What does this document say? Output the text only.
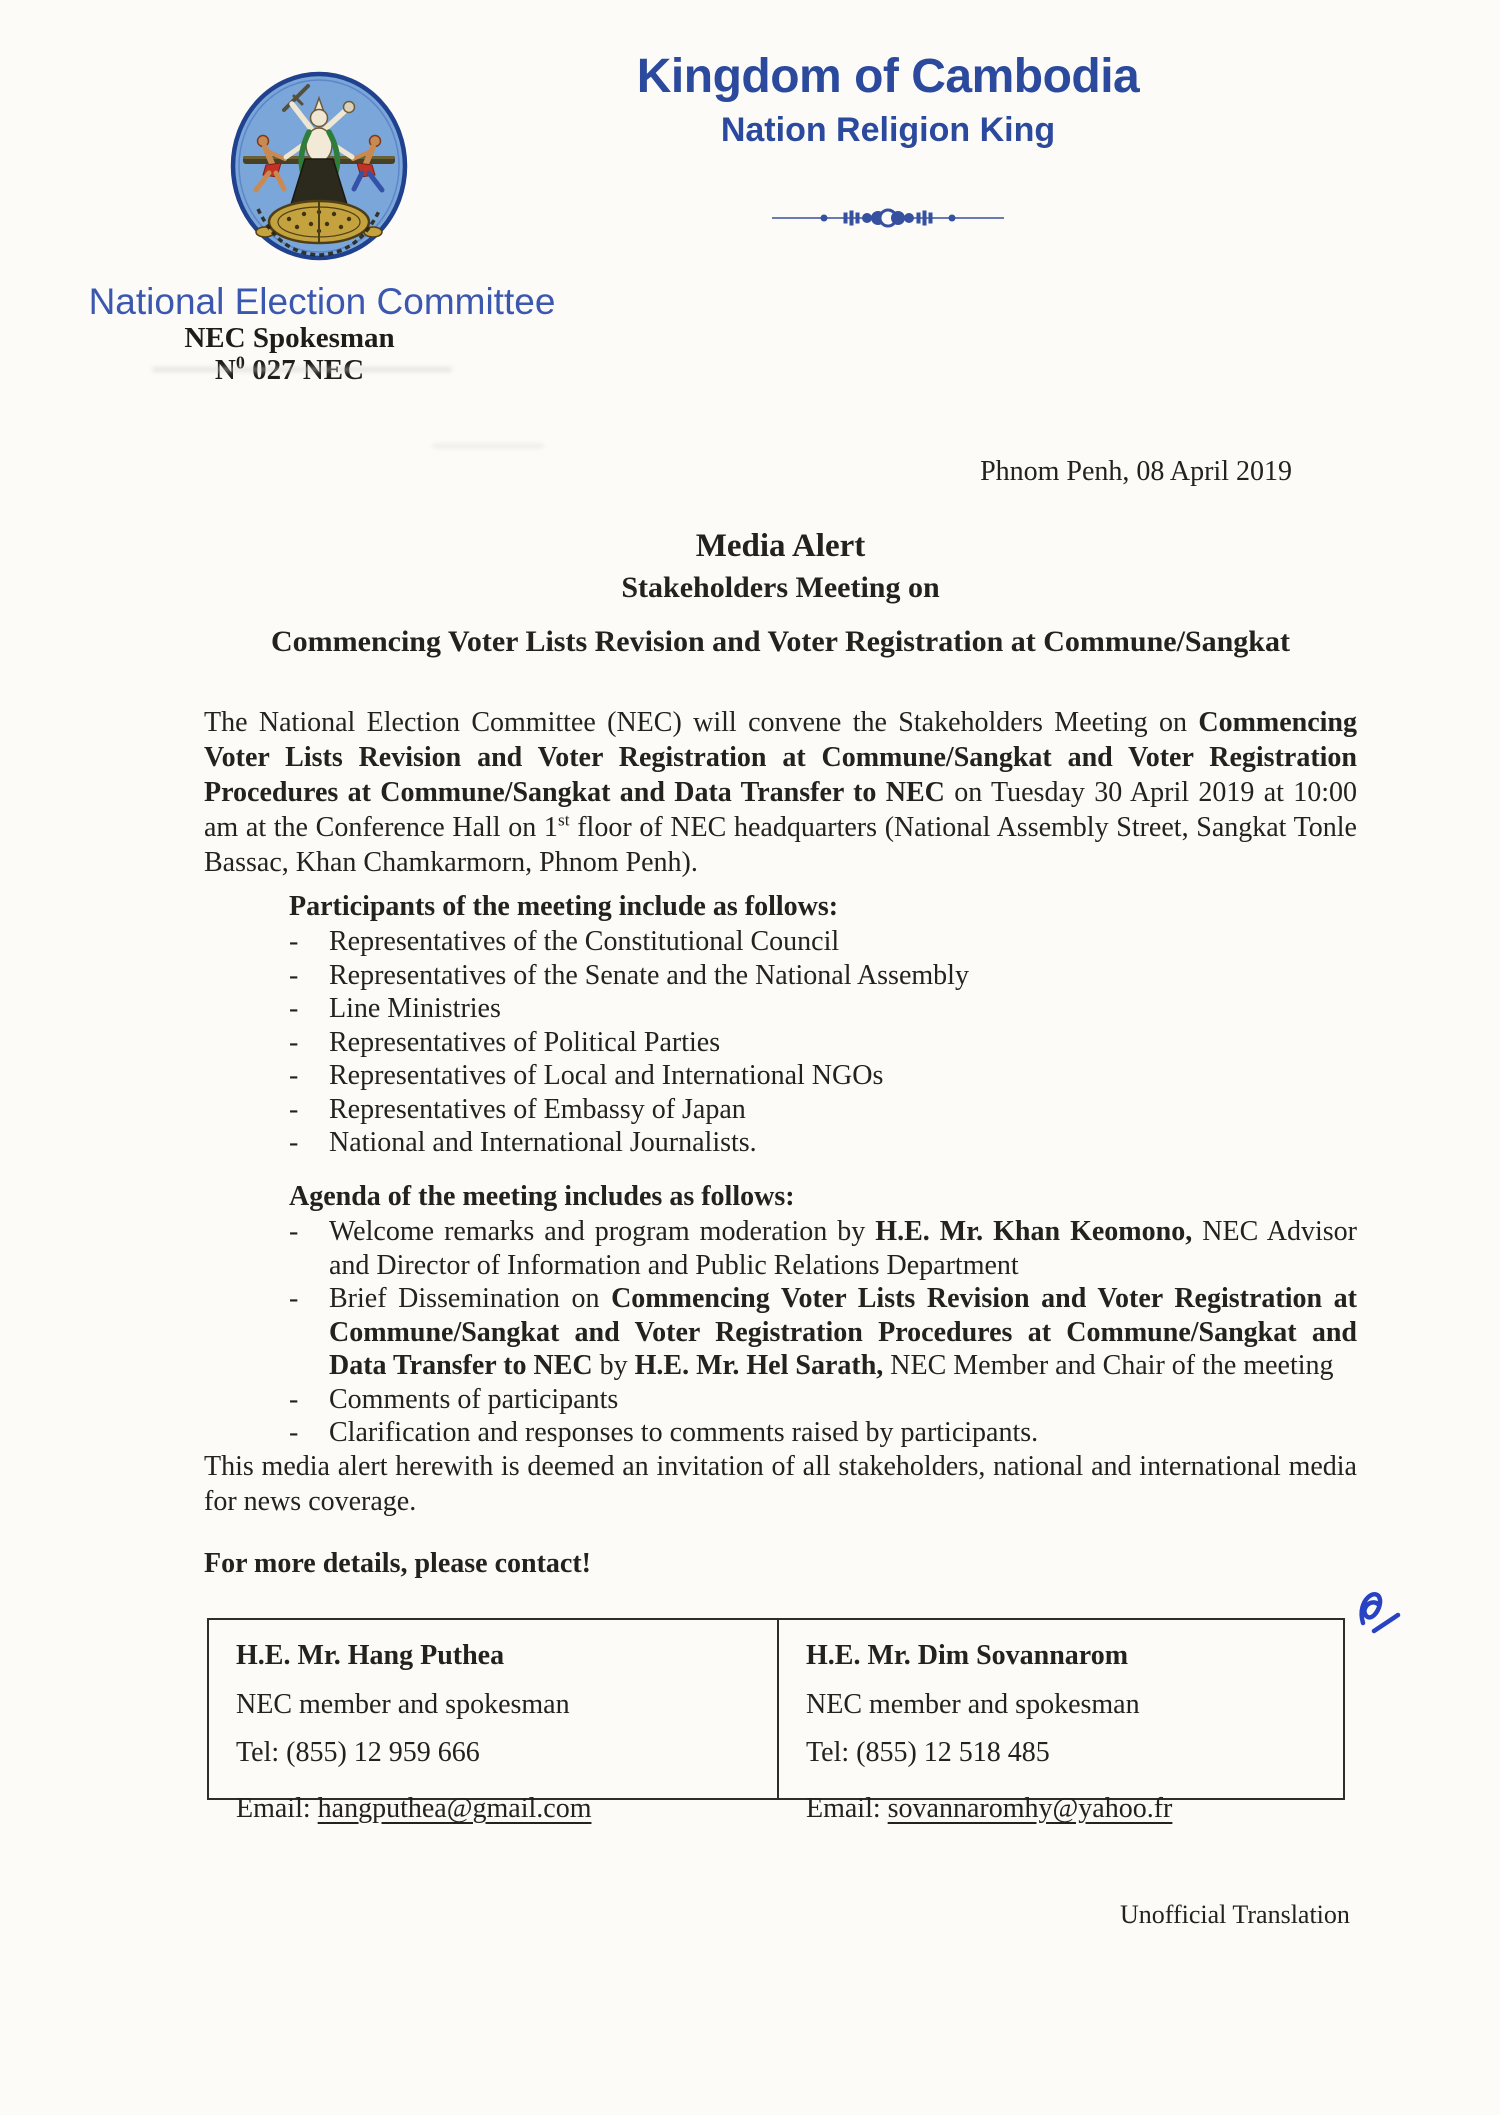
Kingdom of Cambodia
Nation Religion King
National Election Committee
NEC Spokesman
$N^0$ 027 NEC
Phnom Penh, 08 April 2019
Media Alert
Stakeholders Meeting on
Commencing Voter Lists Revision and Voter Registration at Commune/Sangkat
The National Election Committee (NEC) will convene the Stakeholders Meeting on Commencing Voter Lists Revision and Voter Registration at Commune/Sangkat and Voter Registration Procedures at Commune/Sangkat and Data Transfer to NEC on Tuesday 30 April 2019 at 10:00 am at the Conference Hall on 1st floor of NEC headquarters (National Assembly Street, Sangkat Tonle Bassac, Khan Chamkarmorn, Phnom Penh).
Participants of the meeting include as follows:
-	Representatives of the Constitutional Council
-	Representatives of the Senate and the National Assembly
-	Line Ministries
-	Representatives of Political Parties
-	Representatives of Local and International NGOs
-	Representatives of Embassy of Japan
-	National and International Journalists.
Agenda of the meeting includes as follows:
-	Welcome remarks and program moderation by H.E. Mr. Khan Keomono, NEC Advisor and Director of Information and Public Relations Department
-	Brief Dissemination on Commencing Voter Lists Revision and Voter Registration at Commune/Sangkat and Voter Registration Procedures at Commune/Sangkat and Data Transfer to NEC by H.E. Mr. Hel Sarath, NEC Member and Chair of the meeting
-	Comments of participants
-	Clarification and responses to comments raised by participants.
This media alert herewith is deemed an invitation of all stakeholders, national and international media for news coverage.
For more details, please contact!
H.E. Mr. Hang Puthea
NEC member and spokesman
Tel: (855) 12 959 666
Email: hangputhea@gmail.com
H.E. Mr. Dim Sovannarom
NEC member and spokesman
Tel: (855) 12 518 485
Email: sovannaromhy@yahoo.fr
Unofficial Translation
